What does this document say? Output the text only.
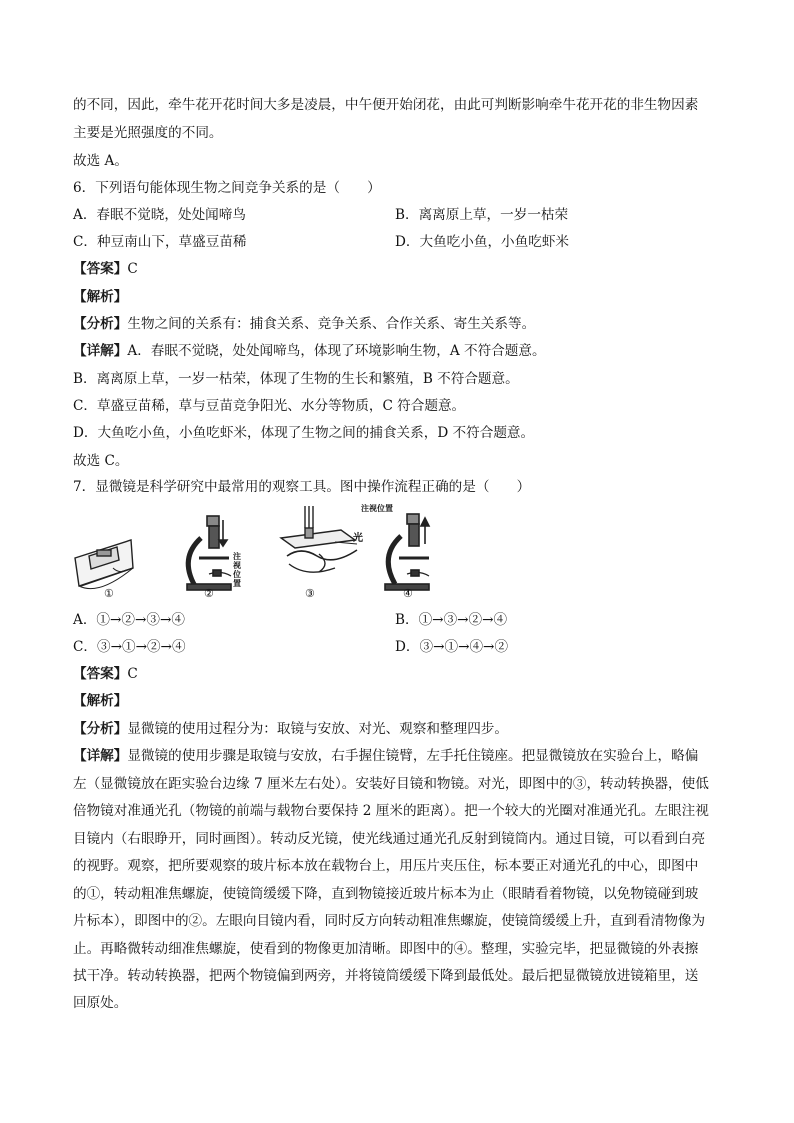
的不同，因此，牵牛花开花时间大多是凌晨，中午便开始闭花，由此可判断影响牵牛花开花的非生物因素
主要是光照强度的不同。
故选 A。
6．下列语句能体现生物之间竞争关系的是（　　）
A．春眠不觉晓，处处闻啼鸟	B．离离原上草，一岁一枯荣
C．种豆南山下，草盛豆苗稀	D．大鱼吃小鱼，小鱼吃虾米
【答案】C
【解析】
【分析】生物之间的关系有：捕食关系、竞争关系、合作关系、寄生关系等。
【详解】A．春眠不觉晓，处处闻啼鸟，体现了环境影响生物，A 不符合题意。
B．离离原上草，一岁一枯荣，体现了生物的生长和繁殖，B 不符合题意。
C．草盛豆苗稀，草与豆苗竞争阳光、水分等物质，C 符合题意。
D．大鱼吃小鱼，小鱼吃虾米，体现了生物之间的捕食关系，D 不符合题意。
故选 C。
7．显微镜是科学研究中最常用的观察工具。图中操作流程正确的是（　　）
注视位置
注视位置
光
①	②	③	④
A．①→②→③→④	B．①→③→②→④
C．③→①→②→④	D．③→①→④→②
【答案】C
【解析】
【分析】显微镜的使用过程分为：取镜与安放、对光、观察和整理四步。
【详解】显微镜的使用步骤是取镜与安放，右手握住镜臂，左手托住镜座。把显微镜放在实验台上，略偏
左（显微镜放在距实验台边缘 7 厘米左右处）。安装好目镜和物镜。对光，即图中的③，转动转换器，使低
倍物镜对准通光孔（物镜的前端与载物台要保持 2 厘米的距离）。把一个较大的光圈对准通光孔。左眼注视
目镜内（右眼睁开，同时画图）。转动反光镜，使光线通过通光孔反射到镜筒内。通过目镜，可以看到白亮
的视野。观察，把所要观察的玻片标本放在载物台上，用压片夹压住，标本要正对通光孔的中心，即图中
的①，转动粗准焦螺旋，使镜筒缓缓下降，直到物镜接近玻片标本为止（眼睛看着物镜，以免物镜碰到玻
片标本），即图中的②。左眼向目镜内看，同时反方向转动粗准焦螺旋，使镜筒缓缓上升，直到看清物像为
止。再略微转动细准焦螺旋，使看到的物像更加清晰。即图中的④。整理，实验完毕，把显微镜的外表擦
拭干净。转动转换器，把两个物镜偏到两旁，并将镜筒缓缓下降到最低处。最后把显微镜放进镜箱里，送
回原处。
